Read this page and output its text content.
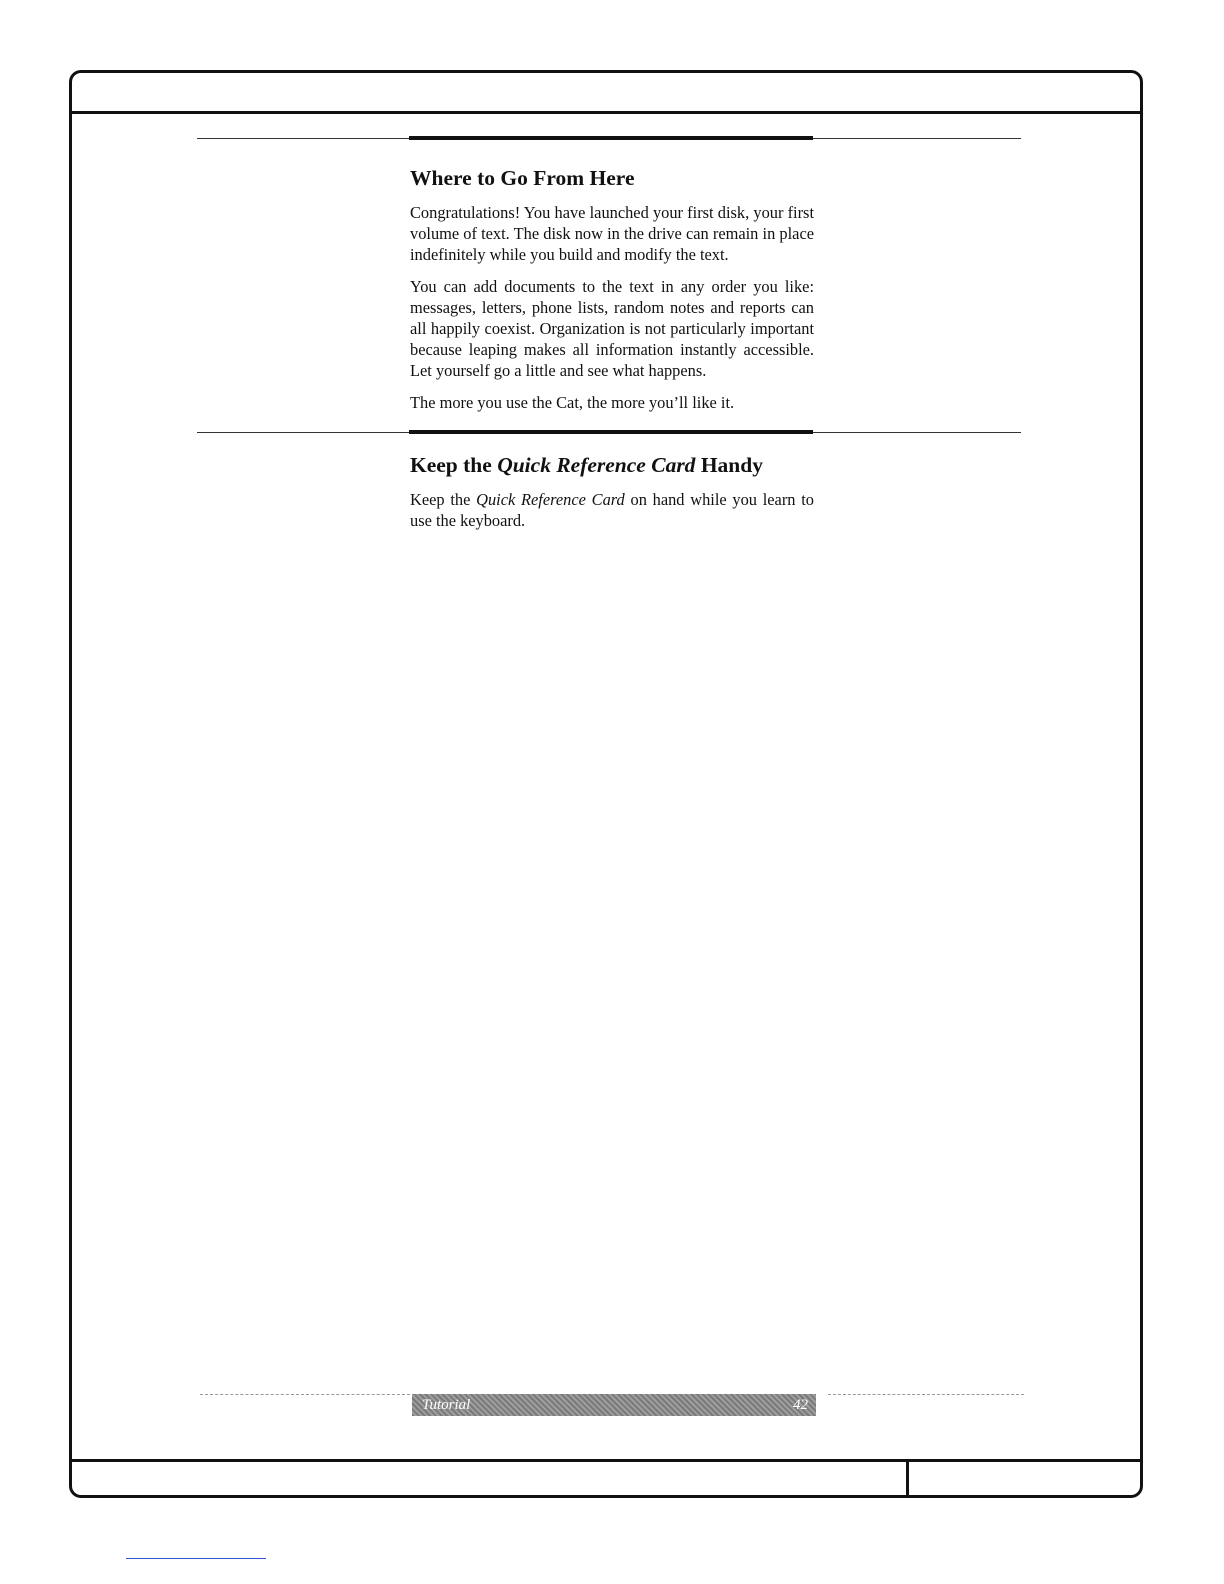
Where to Go From Here

Congratulations! You have launched your first disk, your first volume of text. The disk now in the drive can remain in place indefinitely while you build and modify the text.

You can add documents to the text in any order you like: messages, letters, phone lists, random notes and reports can all happily coexist. Organization is not particularly important because leaping makes all information instantly accessible. Let yourself go a little and see what happens.

The more you use the Cat, the more you’ll like it.

Keep the Quick Reference Card Handy

Keep the Quick Reference Card on hand while you learn to use the keyboard.

Tutorial	42
